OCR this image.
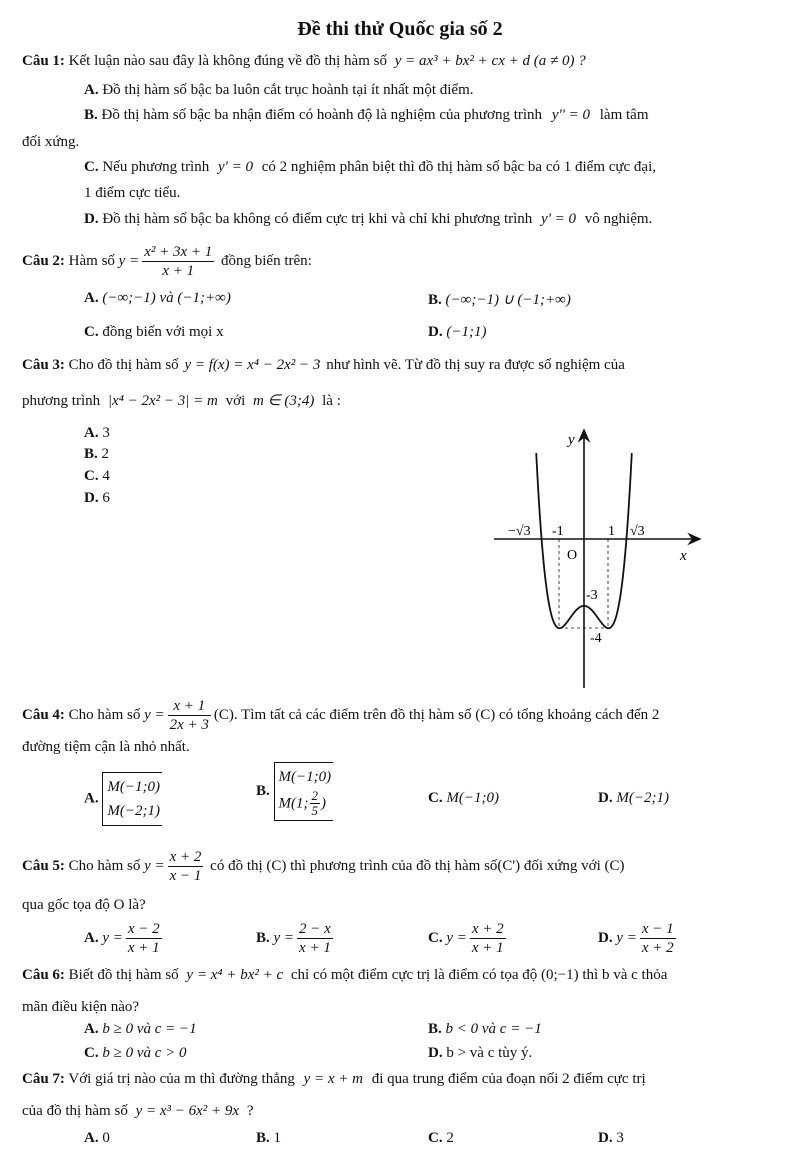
Đề thi thử Quốc gia số 2
Câu 1: Kết luận nào sau đây là không đúng về đồ thị hàm số y = ax³ + bx² + cx + d (a ≠ 0) ?
A. Đồ thị hàm số bậc ba luôn cắt trục hoành tại ít nhất một điểm.
B. Đồ thị hàm số bậc ba nhận điểm có hoành độ là nghiệm của phương trình y'' = 0 làm tâm
đối xứng.
C. Nếu phương trình y' = 0 có 2 nghiệm phân biệt thì đồ thị hàm số bậc ba có 1 điểm cực đại,
1 điểm cực tiểu.
D. Đồ thị hàm số bậc ba không có điểm cực trị khi và chỉ khi phương trình y' = 0 vô nghiệm.
Câu 2: Hàm số $y = \frac{\text{x² + 3x + 1}}{x + 1}$ đồng biến trên:
A. (−∞;−1) và (−1;+∞)	B. (−∞;−1) ∪ (−1;+∞)
C. đồng biến với mọi x	D. (−1;1)
Câu 3: Cho đồ thị hàm số y = f(x) = x⁴ − 2x² − 3 như hình vẽ. Từ đồ thị suy ra được số nghiệm của
phương trình |x⁴ − 2x² − 3| = m với m ∈ (3;4) là :
A. 3
B. 2
C. 4
D. 6
y
x
O
−√3 -1	1 √3
-3
-4
Câu 4: Cho hàm số $y = \frac{x + 1}{2x + 3} (C)$. Tìm tất cả các điểm trên đồ thị hàm số (C) có tổng khoảng cách đến 2
đường tiệm cận là nhỏ nhất.
A.
M(−1;0)
M(−2;1)
B.
M(−1;0)
M(1; $\frac{2}{5}$ )	C. M(−1;0)	D. M(−2;1)
Câu 5: Cho hàm số $y = \frac{x + 2}{x - 1}$ có đồ thị (C) thì phương trình của đồ thị hàm số(C') đối xứng với (C)
qua gốc tọa độ O là?
A. $y = \frac{x - 2}{x + 1}$	B. $y = \frac{2 - x}{x + 1}$	C. $y = \frac{x + 2}{x + 1}$	D. $y = \frac{x - 1}{x + 2}$
Câu 6: Biết đồ thị hàm số y = x⁴ + bx² + c chỉ có một điểm cực trị là điểm có tọa độ (0;−1) thì b và c thỏa
mãn điều kiện nào?
A. b ≥ 0 và c = −1	B. b < 0 và c = −1
C. b ≥ 0 và c > 0	D. b > và c tùy ý.
Câu 7: Với giá trị nào của m thì đường thẳng y = x + m đi qua trung điểm của đoạn nối 2 điểm cực trị
của đồ thị hàm số y = x³ − 6x² + 9x ?
A. 0	B. 1	C. 2	D. 3
